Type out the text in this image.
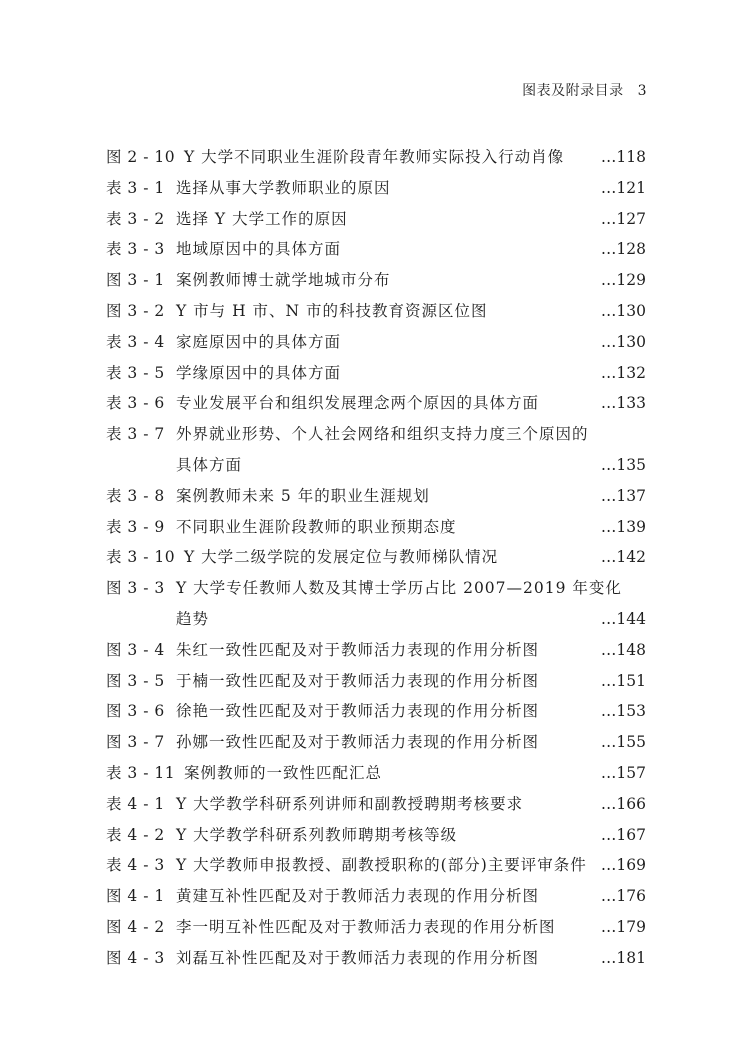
图表及附录目录 3
图 2 - 10 Y 大学不同职业生涯阶段青年教师实际投入行动肖像 …118
表 3 - 1 选择从事大学教师职业的原因	…121
表 3 - 2 选择 Y 大学工作的原因	…127
表 3 - 3 地域原因中的具体方面	…128
图 3 - 1 案例教师博士就学地城市分布	…129
图 3 - 2 Y 市与 H 市、N 市的科技教育资源区位图	…130
表 3 - 4 家庭原因中的具体方面	…130
表 3 - 5 学缘原因中的具体方面	…132
表 3 - 6 专业发展平台和组织发展理念两个原因的具体方面	…133
表 3 - 7 外界就业形势、个人社会网络和组织支持力度三个原因的
具体方面	…135
表 3 - 8 案例教师未来 5 年的职业生涯规划	…137
表 3 - 9 不同职业生涯阶段教师的职业预期态度	…139
表 3 - 10 Y 大学二级学院的发展定位与教师梯队情况	…142
图 3 - 3 Y 大学专任教师人数及其博士学历占比 2007—2019 年变化
趋势	…144
图 3 - 4 朱红一致性匹配及对于教师活力表现的作用分析图	…148
图 3 - 5 于楠一致性匹配及对于教师活力表现的作用分析图	…151
图 3 - 6 徐艳一致性匹配及对于教师活力表现的作用分析图	…153
图 3 - 7 孙娜一致性匹配及对于教师活力表现的作用分析图	…155
表 3 - 11 案例教师的一致性匹配汇总	…157
表 4 - 1 Y 大学教学科研系列讲师和副教授聘期考核要求	…166
表 4 - 2 Y 大学教学科研系列教师聘期考核等级	…167
表 4 - 3 Y 大学教师申报教授、副教授职称的(部分)主要评审条件 …169
图 4 - 1 黄建互补性匹配及对于教师活力表现的作用分析图	…176
图 4 - 2 李一明互补性匹配及对于教师活力表现的作用分析图	…179
图 4 - 3 刘磊互补性匹配及对于教师活力表现的作用分析图	…181
